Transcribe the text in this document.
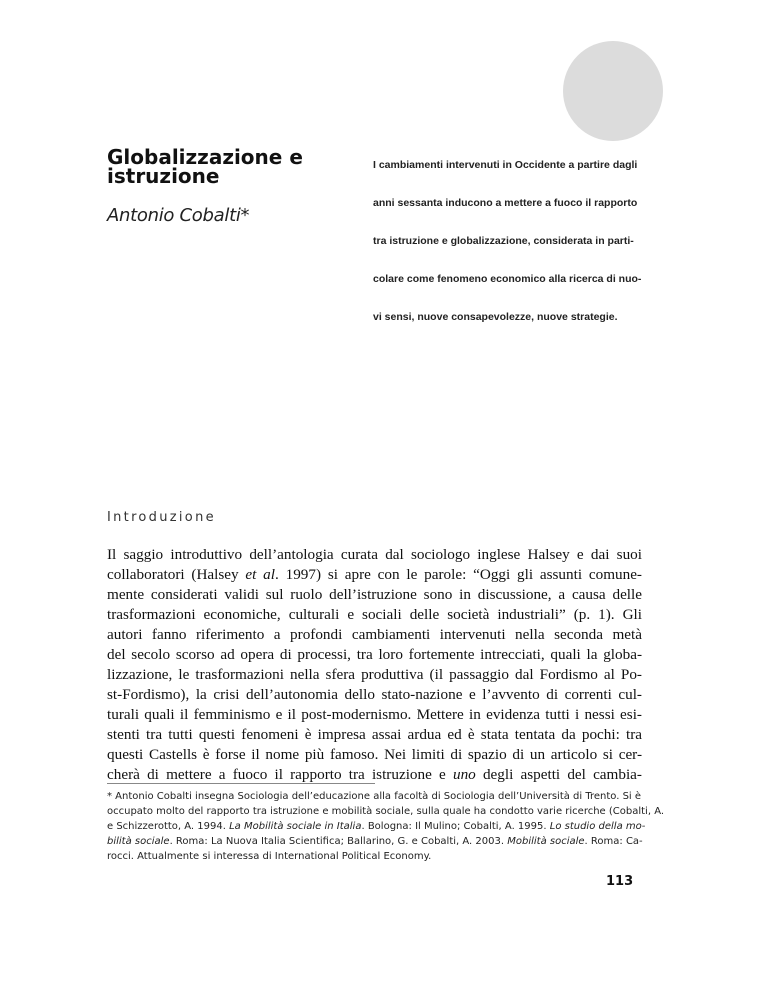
Globalizzazione e
istruzione
Antonio Cobalti*
I cambiamenti intervenuti in Occidente a partire dagli
anni sessanta inducono a mettere a fuoco il rapporto
tra istruzione e globalizzazione, considerata in parti-
colare come fenomeno economico alla ricerca di nuo-
vi sensi, nuove consapevolezze, nuove strategie.
Introduzione
Il saggio introduttivo dell’antologia curata dal sociologo inglese Halsey e dai suoi
collaboratori (Halsey et al. 1997) si apre con le parole: “Oggi gli assunti comune-
mente considerati validi sul ruolo dell’istruzione sono in discussione, a causa delle
trasformazioni economiche, culturali e sociali delle società industriali” (p. 1). Gli
autori fanno riferimento a profondi cambiamenti intervenuti nella seconda metà
del secolo scorso ad opera di processi, tra loro fortemente intrecciati, quali la globa-
lizzazione, le trasformazioni nella sfera produttiva (il passaggio dal Fordismo al Po-
st-Fordismo), la crisi dell’autonomia dello stato-nazione e l’avvento di correnti cul-
turali quali il femminismo e il post-modernismo. Mettere in evidenza tutti i nessi esi-
stenti tra tutti questi fenomeni è impresa assai ardua ed è stata tentata da pochi: tra
questi Castells è forse il nome più famoso. Nei limiti di spazio di un articolo si cer-
cherà di mettere a fuoco il rapporto tra istruzione e uno degli aspetti del cambia-
* Antonio Cobalti insegna Sociologia dell’educazione alla facoltà di Sociologia dell’Università di Trento. Si è
occupato molto del rapporto tra istruzione e mobilità sociale, sulla quale ha condotto varie ricerche (Cobalti, A.
e Schizzerotto, A. 1994. La Mobilità sociale in Italia. Bologna: Il Mulino; Cobalti, A. 1995. Lo studio della mo-
bilità sociale. Roma: La Nuova Italia Scientifica; Ballarino, G. e Cobalti, A. 2003. Mobilità sociale. Roma: Ca-
rocci. Attualmente si interessa di International Political Economy.
113
